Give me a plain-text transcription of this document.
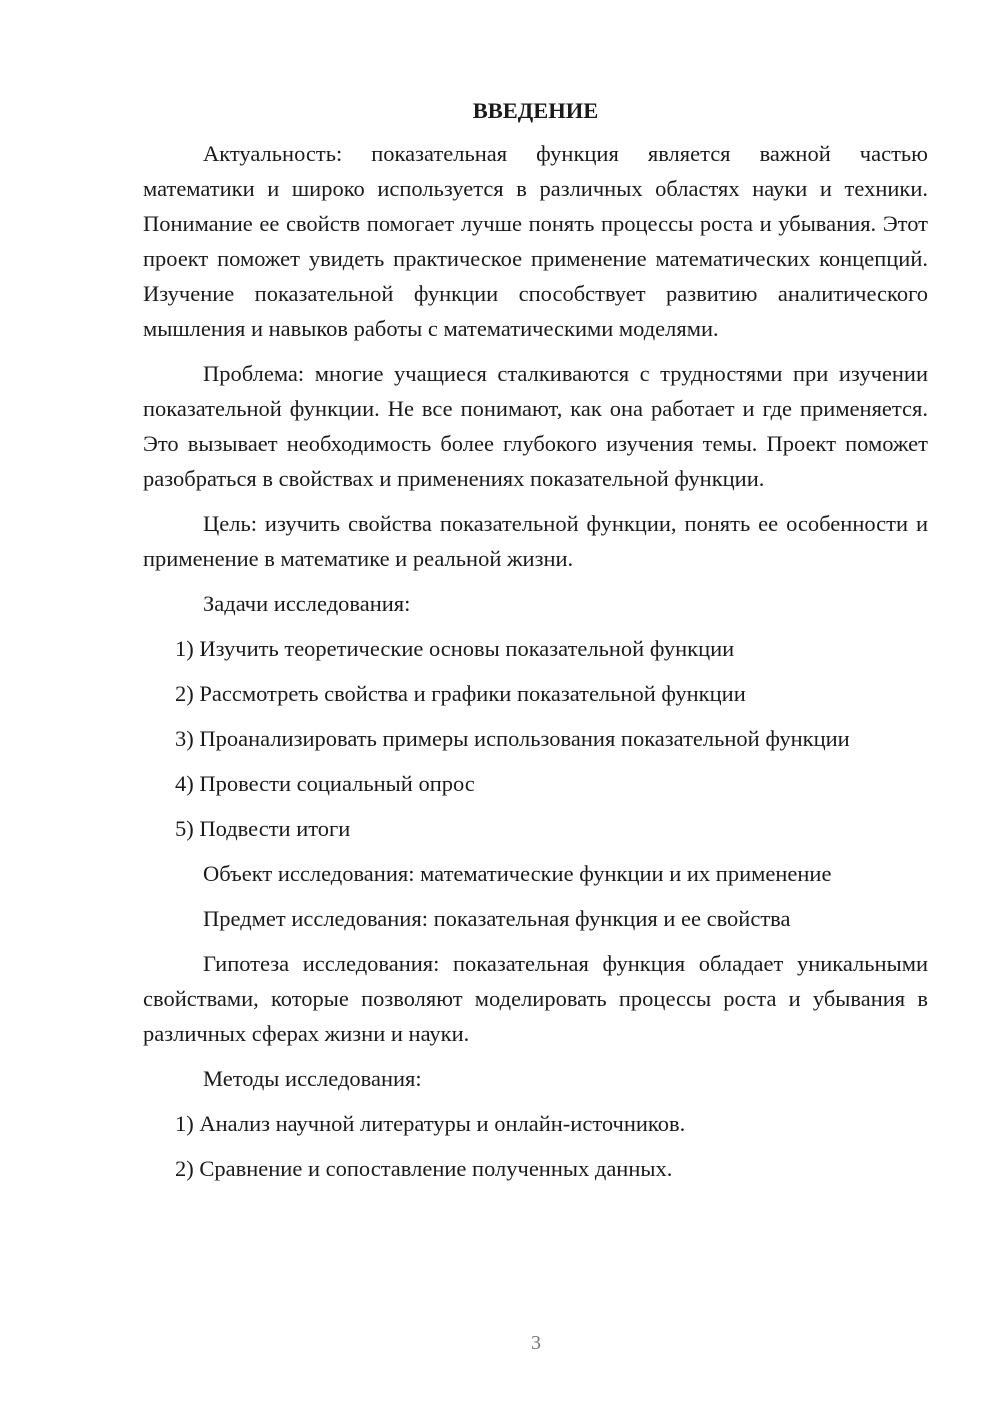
ВВЕДЕНИЕ

Актуальность: показательная функция является важной частью математики и широко используется в различных областях науки и техники. Понимание ее свойств помогает лучше понять процессы роста и убывания. Этот проект поможет увидеть практическое применение математических концепций. Изучение показательной функции способствует развитию аналитического мышления и навыков работы с математическими моделями.

Проблема: многие учащиеся сталкиваются с трудностями при изучении показательной функции. Не все понимают, как она работает и где применяется. Это вызывает необходимость более глубокого изучения темы. Проект поможет разобраться в свойствах и применениях показательной функции.

Цель: изучить свойства показательной функции, понять ее особенности и применение в математике и реальной жизни.

Задачи исследования:

1) Изучить теоретические основы показательной функции

2) Рассмотреть свойства и графики показательной функции

3) Проанализировать примеры использования показательной функции

4) Провести социальный опрос

5) Подвести итоги

Объект исследования: математические функции и их применение

Предмет исследования: показательная функция и ее свойства

Гипотеза исследования: показательная функция обладает уникальными свойствами, которые позволяют моделировать процессы роста и убывания в различных сферах жизни и науки.

Методы исследования:

1) Анализ научной литературы и онлайн-источников.

2) Сравнение и сопоставление полученных данных.

3
